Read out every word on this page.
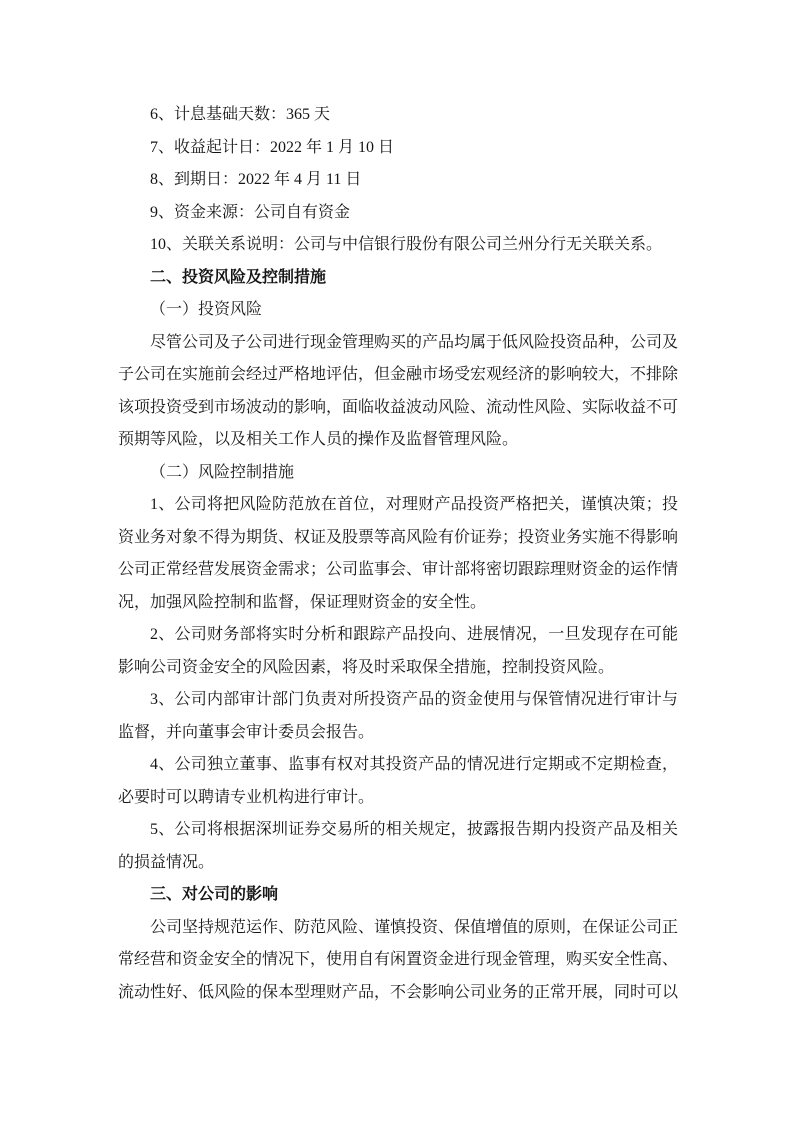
6、计息基础天数：365 天

7、收益起计日：2022 年 1 月 10 日

8、到期日：2022 年 4 月 11 日

9、资金来源：公司自有资金

10、关联关系说明：公司与中信银行股份有限公司兰州分行无关联关系。

二、投资风险及控制措施

（一）投资风险

尽管公司及子公司进行现金管理购买的产品均属于低风险投资品种，公司及子公司在实施前会经过严格地评估，但金融市场受宏观经济的影响较大，不排除该项投资受到市场波动的影响，面临收益波动风险、流动性风险、实际收益不可预期等风险，以及相关工作人员的操作及监督管理风险。

（二）风险控制措施

1、公司将把风险防范放在首位，对理财产品投资严格把关，谨慎决策；投资业务对象不得为期货、权证及股票等高风险有价证券；投资业务实施不得影响公司正常经营发展资金需求；公司监事会、审计部将密切跟踪理财资金的运作情况，加强风险控制和监督，保证理财资金的安全性。

2、公司财务部将实时分析和跟踪产品投向、进展情况，一旦发现存在可能影响公司资金安全的风险因素，将及时采取保全措施，控制投资风险。

3、公司内部审计部门负责对所投资产品的资金使用与保管情况进行审计与监督，并向董事会审计委员会报告。

4、公司独立董事、监事有权对其投资产品的情况进行定期或不定期检查，必要时可以聘请专业机构进行审计。

5、公司将根据深圳证券交易所的相关规定，披露报告期内投资产品及相关的损益情况。

三、对公司的影响

公司坚持规范运作、防范风险、谨慎投资、保值增值的原则，在保证公司正常经营和资金安全的情况下，使用自有闲置资金进行现金管理，购买安全性高、流动性好、低风险的保本型理财产品，不会影响公司业务的正常开展，同时可以
